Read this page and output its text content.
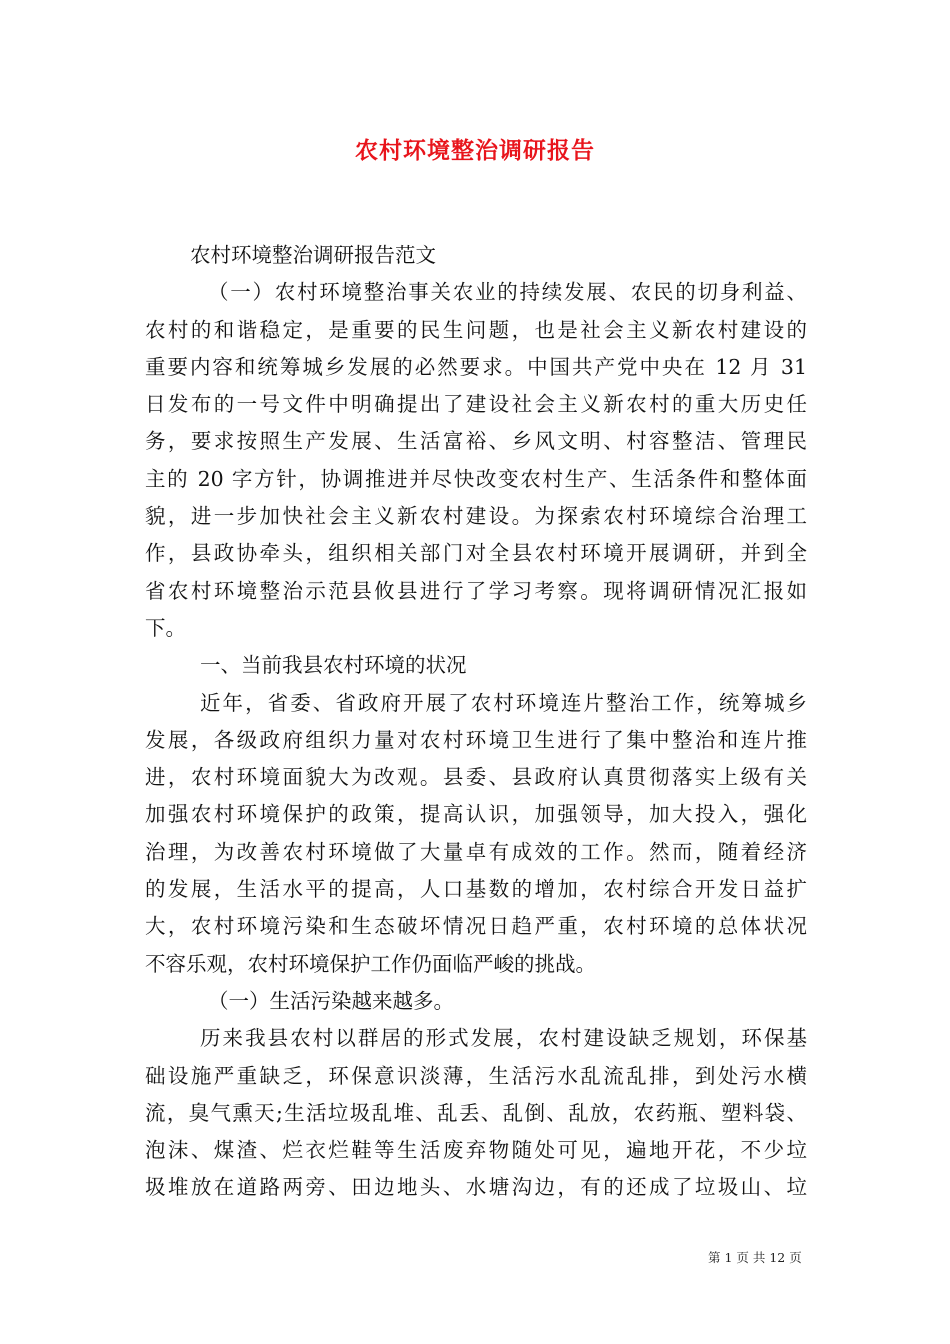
农村环境整治调研报告
农村环境整治调研报告范文
（一）农村环境整治事关农业的持续发展、农民的切身利益、
农村的和谐稳定，是重要的民生问题，也是社会主义新农村建设的
重要内容和统筹城乡发展的必然要求。中国共产党中央在 12 月 31
日发布的一号文件中明确提出了建设社会主义新农村的重大历史任
务，要求按照生产发展、生活富裕、乡风文明、村容整洁、管理民
主的 20 字方针，协调推进并尽快改变农村生产、生活条件和整体面
貌，进一步加快社会主义新农村建设。为探索农村环境综合治理工
作，县政协牵头，组织相关部门对全县农村环境开展调研，并到全
省农村环境整治示范县攸县进行了学习考察。现将调研情况汇报如
下。
一、当前我县农村环境的状况
近年，省委、省政府开展了农村环境连片整治工作，统筹城乡
发展，各级政府组织力量对农村环境卫生进行了集中整治和连片推
进，农村环境面貌大为改观。县委、县政府认真贯彻落实上级有关
加强农村环境保护的政策，提高认识，加强领导，加大投入，强化
治理，为改善农村环境做了大量卓有成效的工作。然而，随着经济
的发展，生活水平的提高，人口基数的增加，农村综合开发日益扩
大，农村环境污染和生态破坏情况日趋严重，农村环境的总体状况
不容乐观，农村环境保护工作仍面临严峻的挑战。
（一）生活污染越来越多。
历来我县农村以群居的形式发展，农村建设缺乏规划，环保基
础设施严重缺乏，环保意识淡薄，生活污水乱流乱排，到处污水横
流，臭气熏天;生活垃圾乱堆、乱丢、乱倒、乱放，农药瓶、塑料袋、
泡沫、煤渣、烂衣烂鞋等生活废弃物随处可见，遍地开花，不少垃
圾堆放在道路两旁、田边地头、水塘沟边，有的还成了垃圾山、垃
第 1 页 共 12 页
